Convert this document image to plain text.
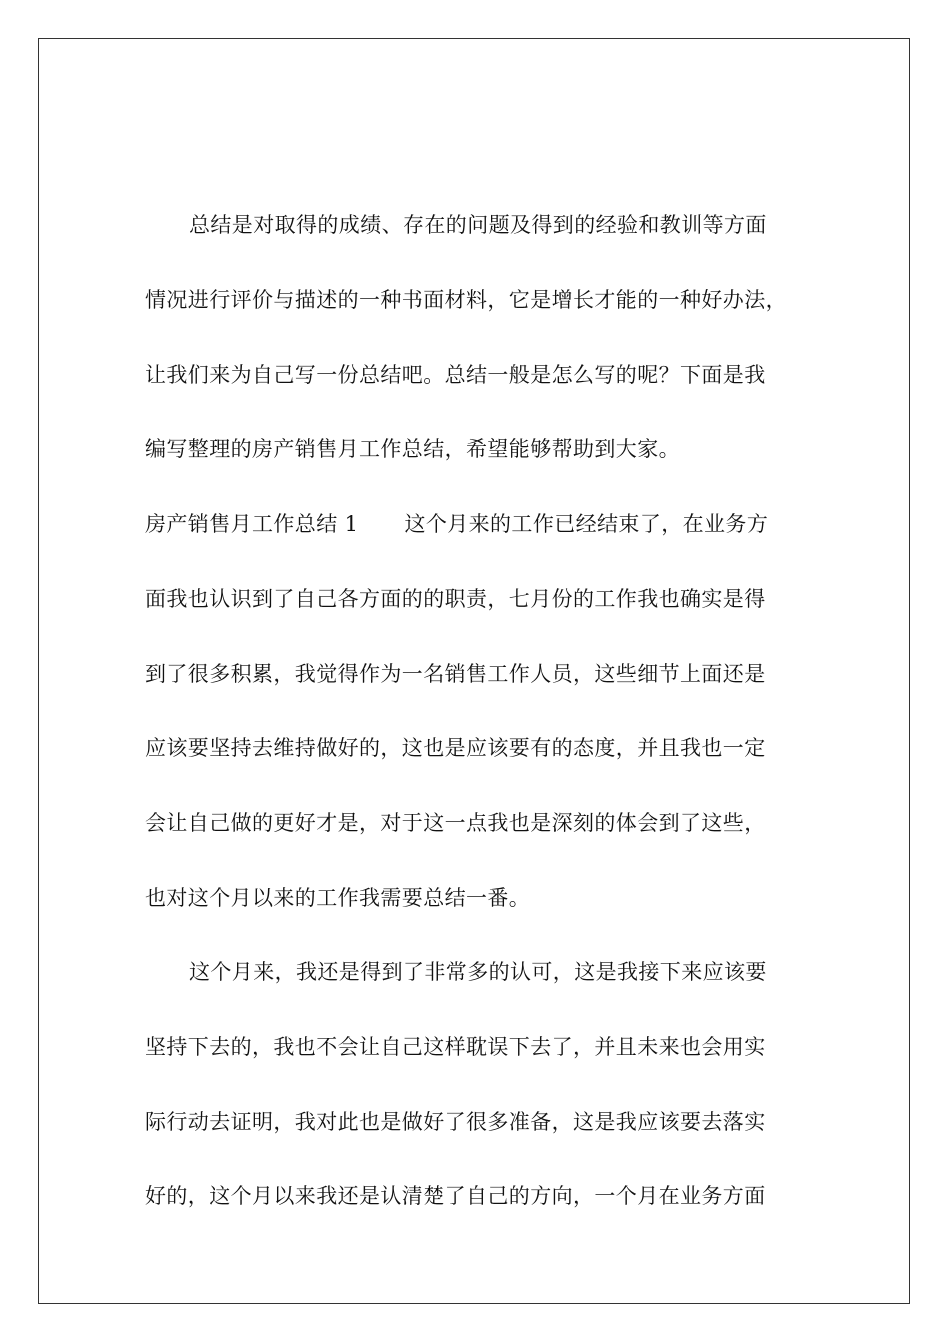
总结是对取得的成绩、存在的问题及得到的经验和教训等方面
情况进行评价与描述的一种书面材料，它是增长才能的一种好办法，
让我们来为自己写一份总结吧。总结一般是怎么写的呢？下面是我
编写整理的房产销售月工作总结，希望能够帮助到大家。
房产销售月工作总结 1 这个月来的工作已经结束了，在业务方
面我也认识到了自己各方面的的职责，七月份的工作我也确实是得
到了很多积累，我觉得作为一名销售工作人员，这些细节上面还是
应该要坚持去维持做好的，这也是应该要有的态度，并且我也一定
会让自己做的更好才是，对于这一点我也是深刻的体会到了这些，
也对这个月以来的工作我需要总结一番。
这个月来，我还是得到了非常多的认可，这是我接下来应该要
坚持下去的，我也不会让自己这样耽误下去了，并且未来也会用实
际行动去证明，我对此也是做好了很多准备，这是我应该要去落实
好的，这个月以来我还是认清楚了自己的方向，一个月在业务方面
